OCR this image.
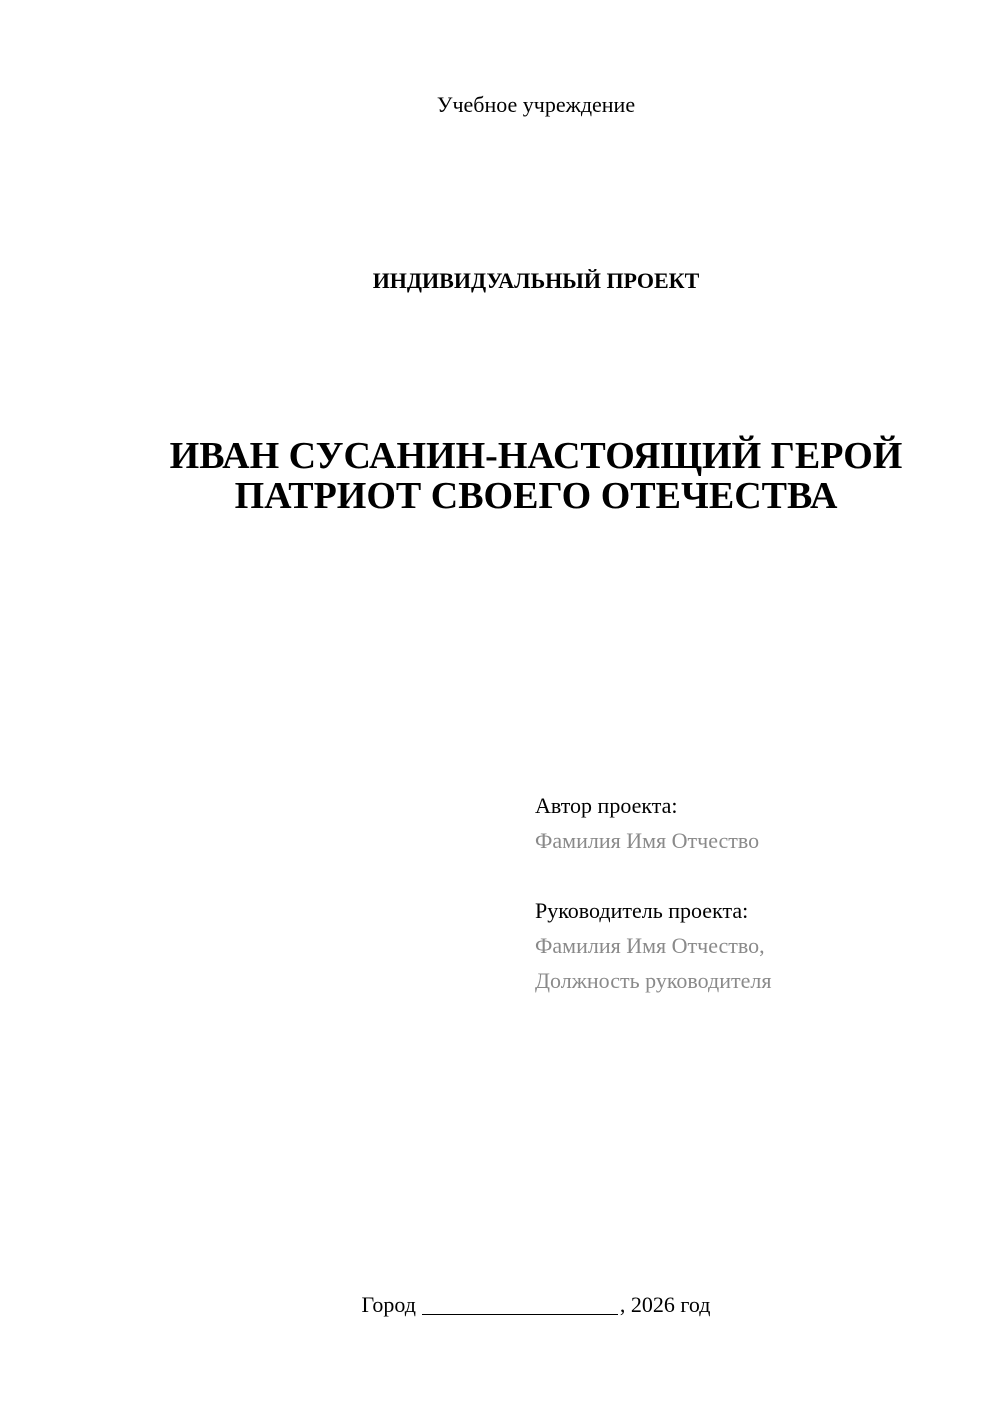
Учебное учреждение
ИНДИВИДУАЛЬНЫЙ ПРОЕКТ
ИВАН СУСАНИН-НАСТОЯЩИЙ ГЕРОЙ
ПАТРИОТ СВОЕГО ОТЕЧЕСТВА
Автор проекта:
Фамилия Имя Отчество
Руководитель проекта:
Фамилия Имя Отчество,
Должность руководителя
Город	, 2026 год
